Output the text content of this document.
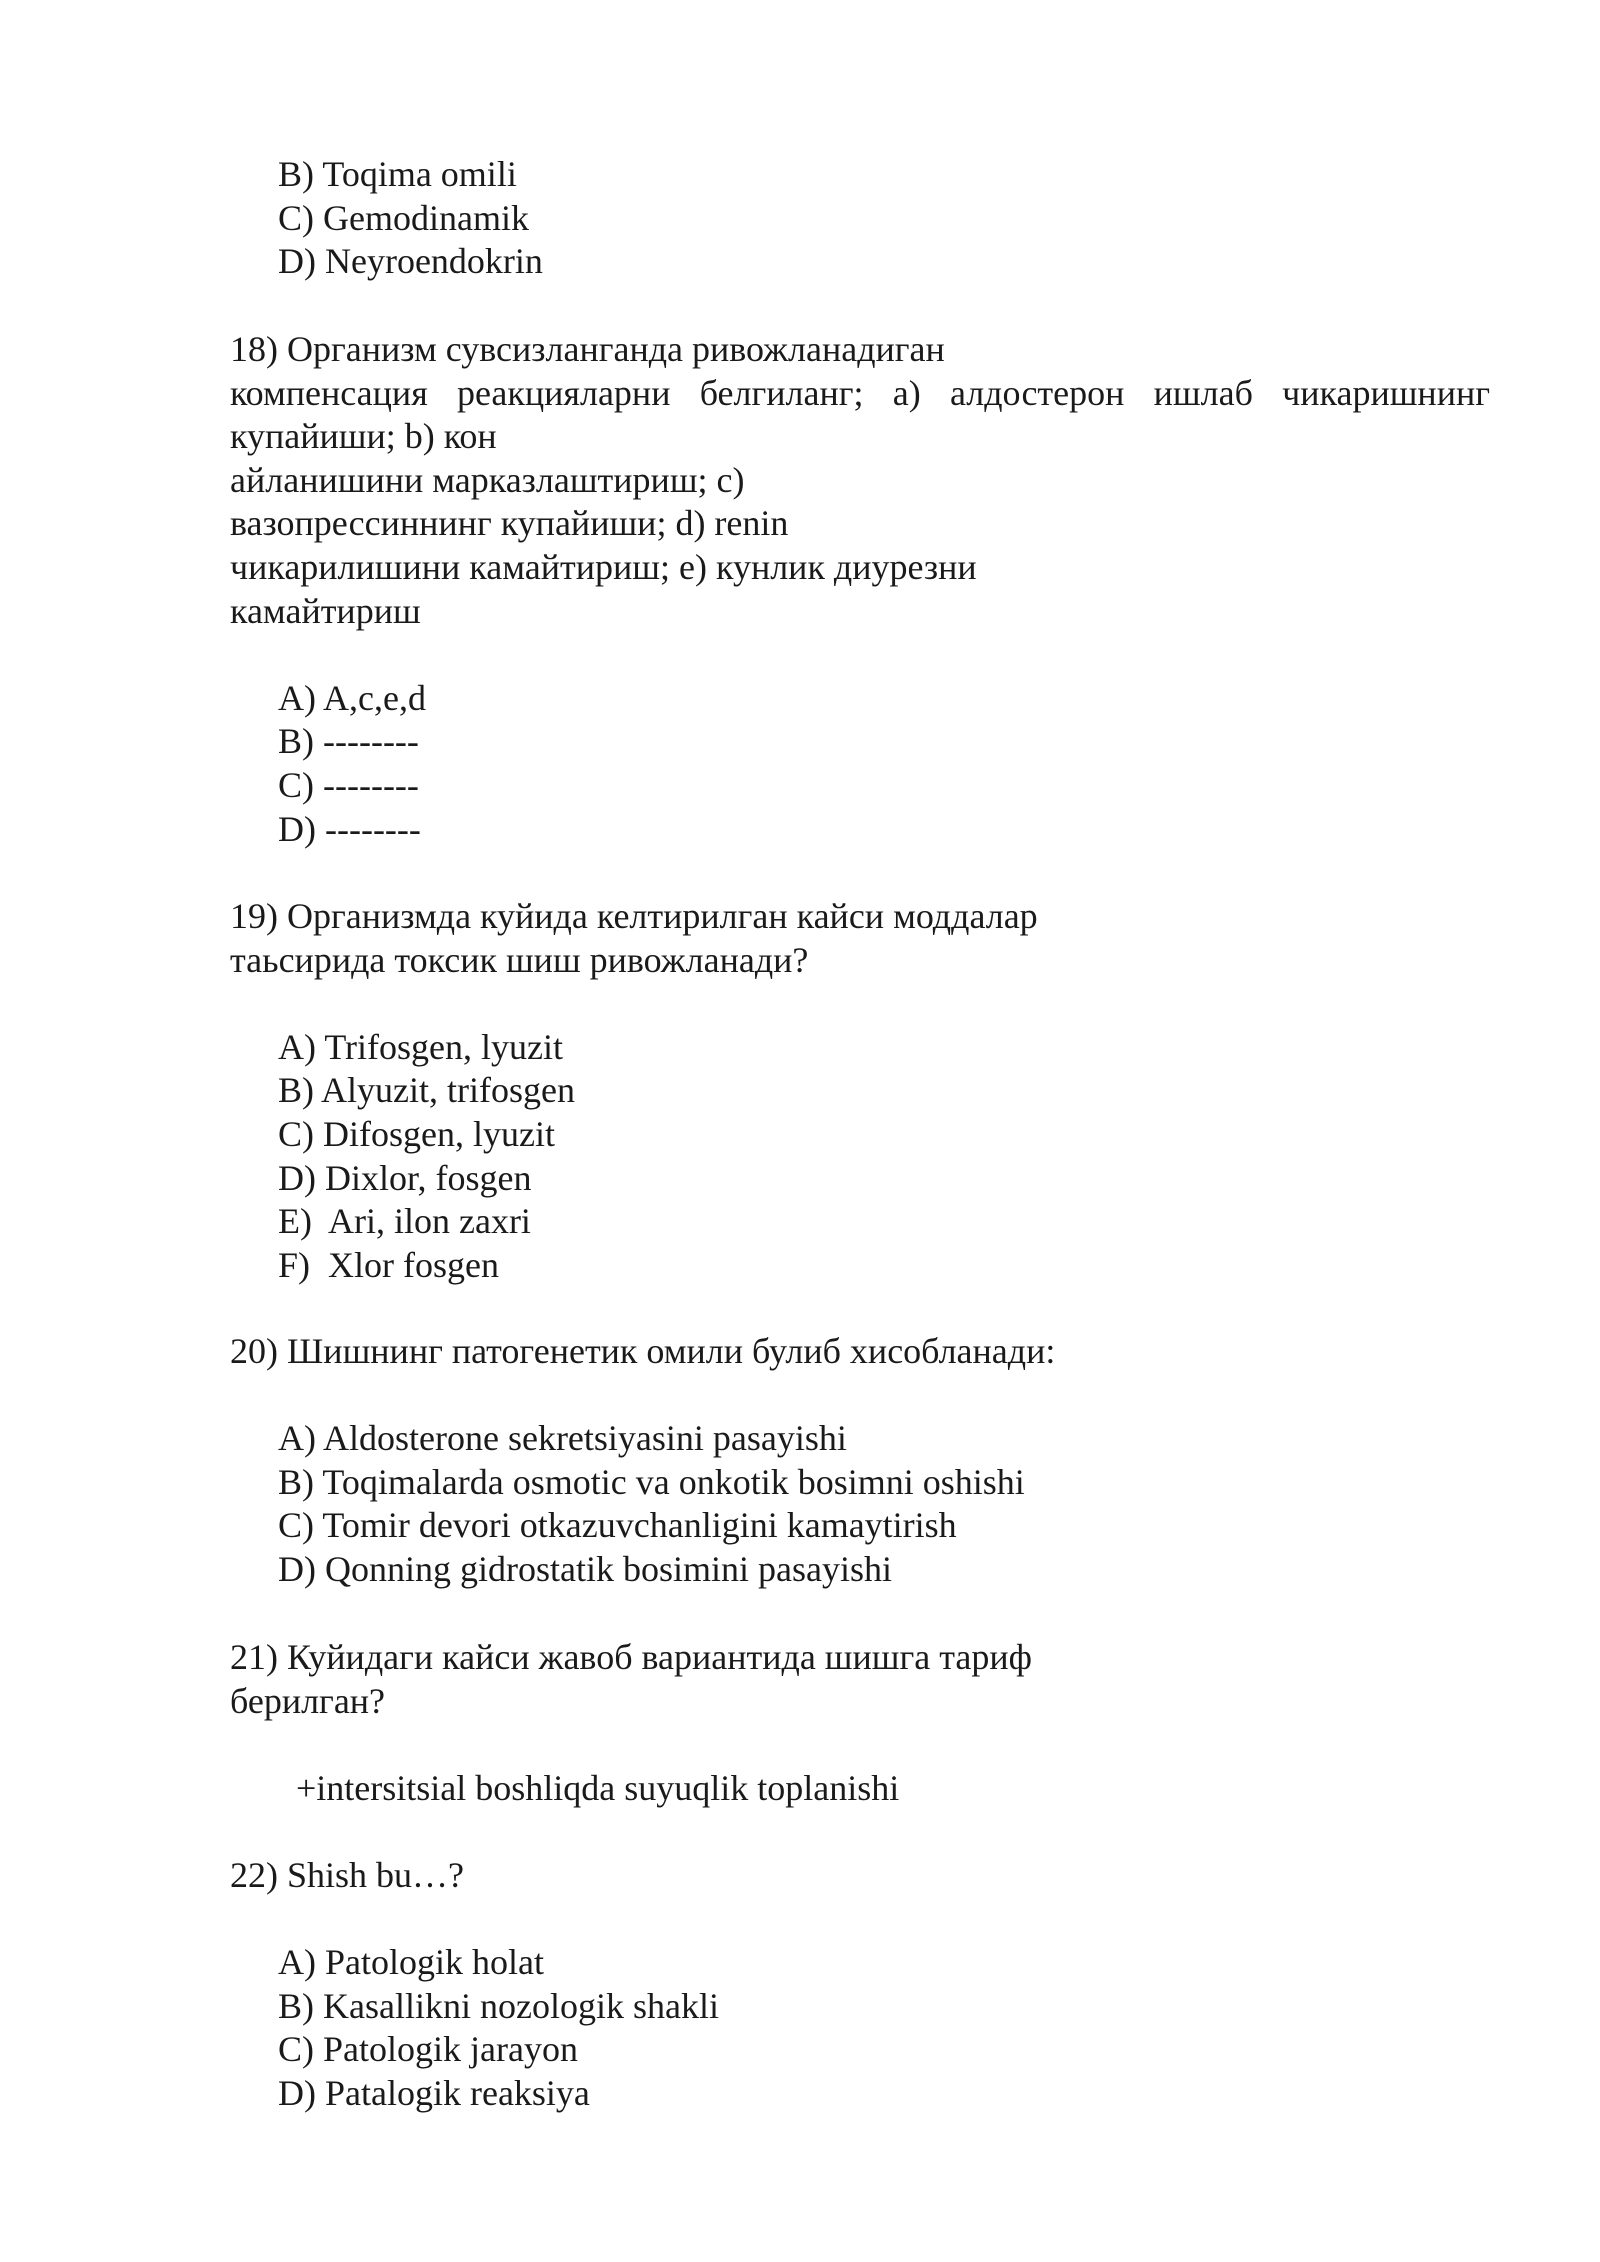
B) Toqima omili
C) Gemodinamik
D) Neyroendokrin
18) Организм сувсизланганда ривожланадиган
компенсация реакцияларни белгиланг; a) алдостерон ишлаб чикаришнинг
купайиши; b) кон
айланишини марказлаштириш; c)
вазопрессиннинг купайиши; d) renin
чикарилишини камайтириш; e) кунлик диурезни
камайтириш
A) A,c,e,d
B) --------
C) --------
D) --------
19) Организмда куйида келтирилган кайси моддалар
таьсирида токсик шиш ривожланади?
A) Trifosgen, lyuzit
B) Alyuzit, trifosgen
C) Difosgen, lyuzit
D) Dixlor, fosgen
E)  Ari, ilon zaxri
F)  Xlor fosgen
20) Шишнинг патогенетик омили булиб хисобланади:
A) Aldosterone sekretsiyasini pasayishi
B) Toqimalarda osmotic va onkotik bosimni oshishi
C) Tomir devori otkazuvchanligini kamaytirish
D) Qonning gidrostatik bosimini pasayishi
21) Куйидаги кайси жавоб вариантида шишга тариф
берилган?
+intersitsial boshliqda suyuqlik toplanishi
22) Shish bu…?
A) Patologik holat
B) Kasallikni nozologik shakli
C) Patologik jarayon
D) Patalogik reaksiya
